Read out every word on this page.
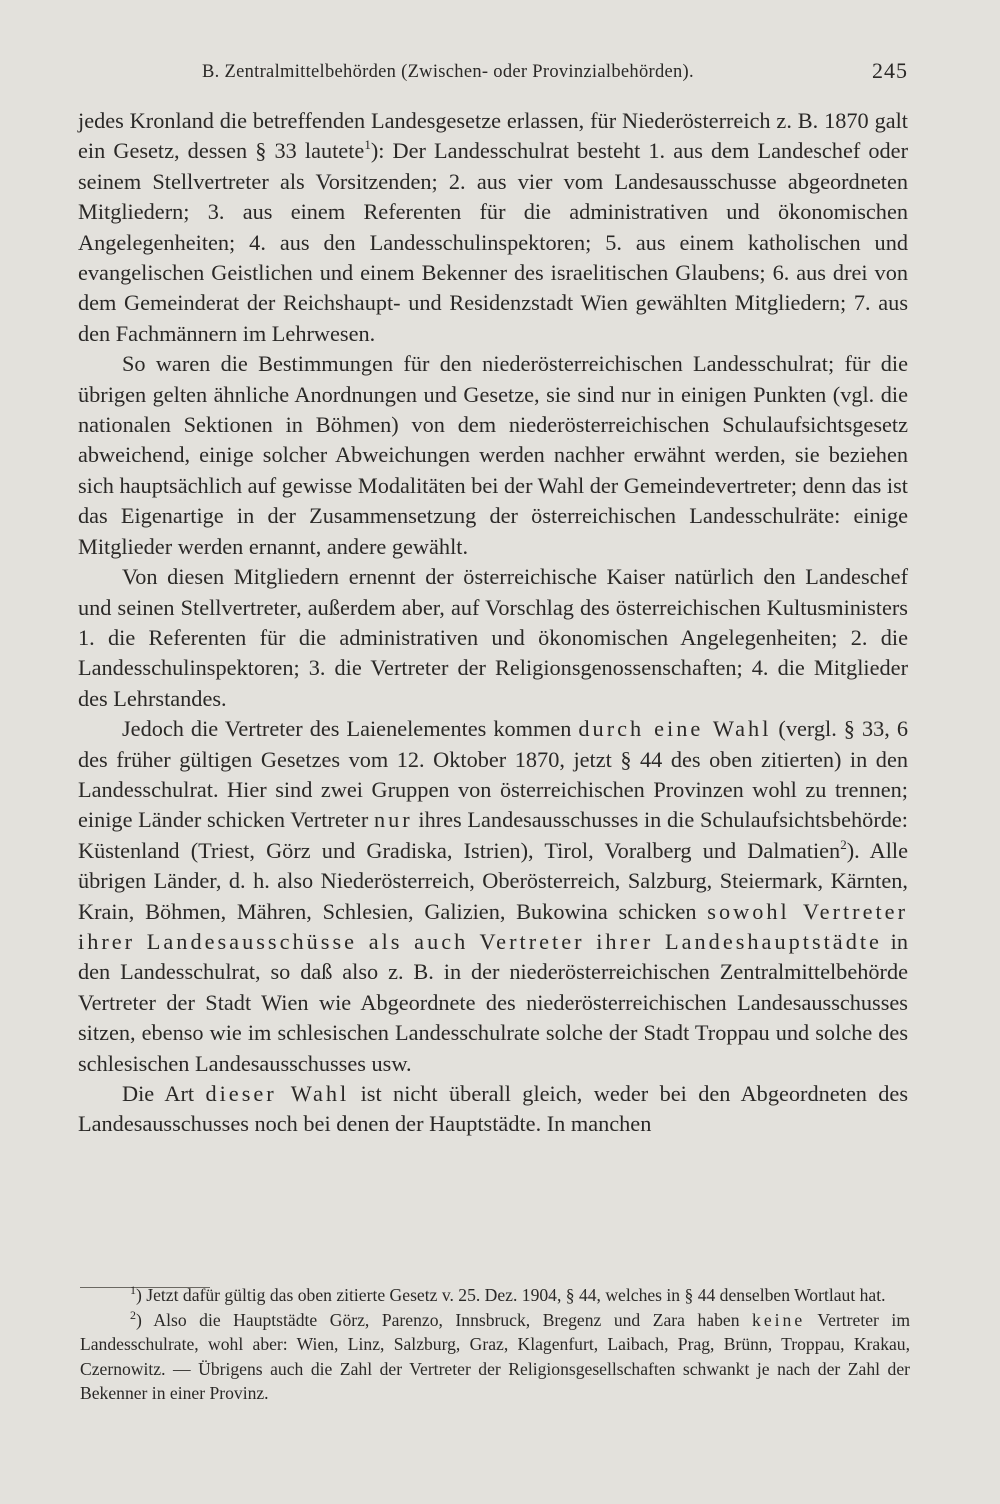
B. Zentralmittelbehörden (Zwischen- oder Provinzialbehörden).	245

jedes Kronland die betreffenden Landesgesetze erlassen, für Niederösterreich z. B. 1870 galt ein Gesetz, dessen § 33 lautete$^1$): Der Landesschulrat besteht 1. aus dem Landeschef oder seinem Stellvertreter als Vorsitzenden; 2. aus vier vom Landesausschusse abgeordneten Mitgliedern; 3. aus einem Referenten für die administrativen und ökonomischen Angelegenheiten; 4. aus den Landesschulinspektoren; 5. aus einem katholischen und evangelischen Geistlichen und einem Bekenner des israelitischen Glaubens; 6. aus drei von dem Gemeinderat der Reichshaupt- und Residenzstadt Wien gewählten Mitgliedern; 7. aus den Fachmännern im Lehrwesen.

So waren die Bestimmungen für den niederösterreichischen Landesschulrat; für die übrigen gelten ähnliche Anordnungen und Gesetze, sie sind nur in einigen Punkten (vgl. die nationalen Sektionen in Böhmen) von dem niederösterreichischen Schulaufsichtsgesetz abweichend, einige solcher Abweichungen werden nachher erwähnt werden, sie beziehen sich hauptsächlich auf gewisse Modalitäten bei der Wahl der Gemeindevertreter; denn das ist das Eigenartige in der Zusammensetzung der österreichischen Landesschulräte: einige Mitglieder werden ernannt, andere gewählt.

Von diesen Mitgliedern ernennt der österreichische Kaiser natürlich den Landeschef und seinen Stellvertreter, außerdem aber, auf Vorschlag des österreichischen Kultusministers 1. die Referenten für die administrativen und ökonomischen Angelegenheiten; 2. die Landesschulinspektoren; 3. die Vertreter der Religionsgenossenschaften; 4. die Mitglieder des Lehrstandes.

Jedoch die Vertreter des Laienelementes kommen durch eine Wahl (vergl. § 33, 6 des früher gültigen Gesetzes vom 12. Oktober 1870, jetzt § 44 des oben zitierten) in den Landesschulrat. Hier sind zwei Gruppen von österreichischen Provinzen wohl zu trennen; einige Länder schicken Vertreter nur ihres Landesausschusses in die Schulaufsichtsbehörde: Küstenland (Triest, Görz und Gradiska, Istrien), Tirol, Voralberg und Dalmatien$^2$). Alle übrigen Länder, d. h. also Niederösterreich, Oberösterreich, Salzburg, Steiermark, Kärnten, Krain, Böhmen, Mähren, Schlesien, Galizien, Bukowina schicken sowohl Vertreter ihrer Landesausschüsse als auch Vertreter ihrer Landeshauptstädte in den Landesschulrat, so daß also z. B. in der niederösterreichischen Zentralmittelbehörde Vertreter der Stadt Wien wie Abgeordnete des niederösterreichischen Landesausschusses sitzen, ebenso wie im schlesischen Landesschulrate solche der Stadt Troppau und solche des schlesischen Landesausschusses usw.

Die Art dieser Wahl ist nicht überall gleich, weder bei den Abgeordneten des Landesausschusses noch bei denen der Hauptstädte. In manchen

$^1$) Jetzt dafür gültig das oben zitierte Gesetz v. 25. Dez. 1904, § 44, welches in § 44 denselben Wortlaut hat.

$^2$) Also die Hauptstädte Görz, Parenzo, Innsbruck, Bregenz und Zara haben keine Vertreter im Landesschulrate, wohl aber: Wien, Linz, Salzburg, Graz, Klagenfurt, Laibach, Prag, Brünn, Troppau, Krakau, Czernowitz. — Übrigens auch die Zahl der Vertreter der Religionsgesellschaften schwankt je nach der Zahl der Bekenner in einer Provinz.
